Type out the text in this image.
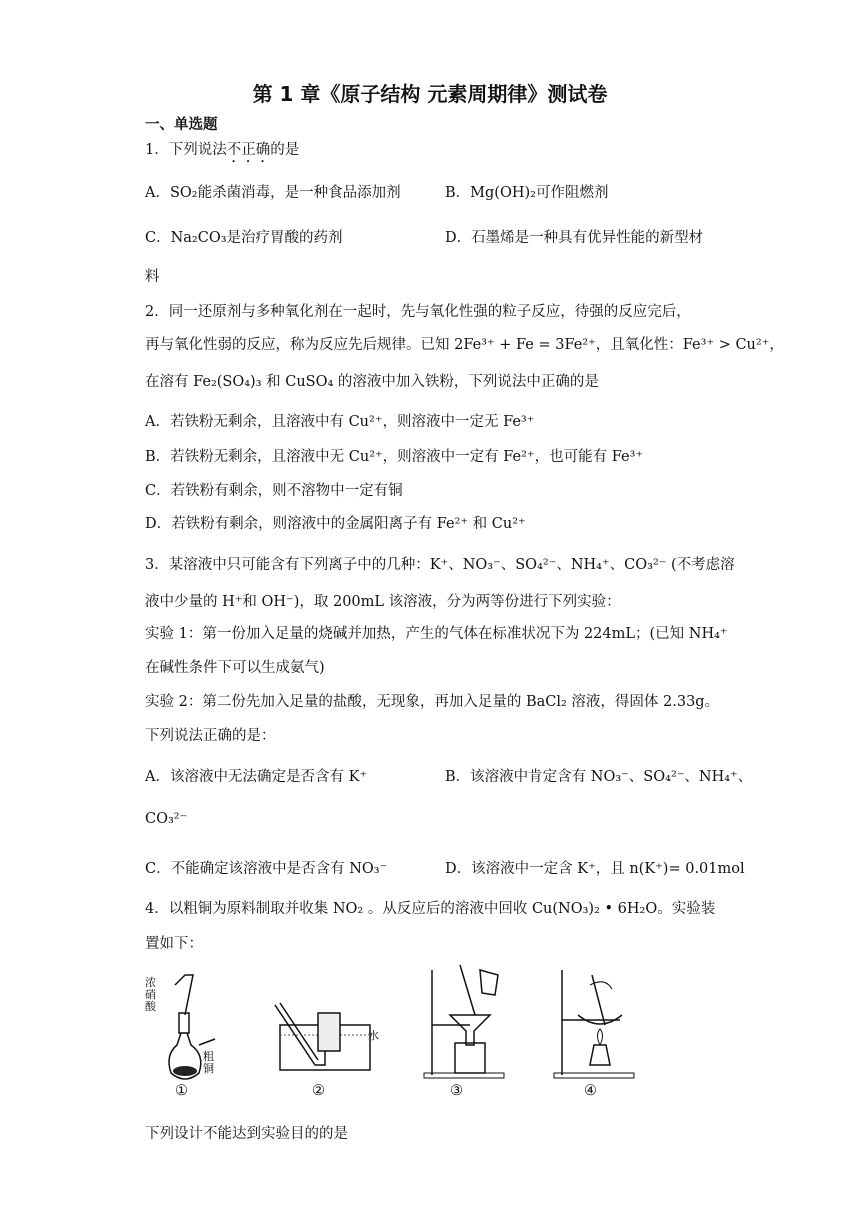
第 1 章《原子结构 元素周期律》测试卷
一、单选题
1．下列说法不正确的是
A．SO₂能杀菌消毒，是一种食品添加剂	B．Mg(OH)₂可作阻燃剂
C．Na₂CO₃是治疗胃酸的药剂	D．石墨烯是一种具有优异性能的新型材
料
2．同一还原剂与多种氧化剂在一起时，先与氧化性强的粒子反应，待强的反应完后，
再与氧化性弱的反应，称为反应先后规律。已知 2Fe³⁺ + Fe = 3Fe²⁺，且氧化性：Fe³⁺ > Cu²⁺，
在溶有 Fe₂(SO₄)₃ 和 CuSO₄ 的溶液中加入铁粉，下列说法中正确的是
A．若铁粉无剩余，且溶液中有 Cu²⁺，则溶液中一定无 Fe³⁺
B．若铁粉无剩余，且溶液中无 Cu²⁺，则溶液中一定有 Fe²⁺，也可能有 Fe³⁺
C．若铁粉有剩余，则不溶物中一定有铜
D．若铁粉有剩余，则溶液中的金属阳离子有 Fe²⁺ 和 Cu²⁺
3．某溶液中只可能含有下列离子中的几种：K⁺、NO₃⁻、SO₄²⁻、NH₄⁺、CO₃²⁻ (不考虑溶
液中少量的 H⁺和 OH⁻)，取 200mL 该溶液，分为两等份进行下列实验：
实验 1：第一份加入足量的烧碱并加热，产生的气体在标准状况下为 224mL；(已知 NH₄⁺
在碱性条件下可以生成氨气)
实验 2：第二份先加入足量的盐酸，无现象，再加入足量的 BaCl₂ 溶液，得固体 2.33g。
下列说法正确的是：
A．该溶液中无法确定是否含有 K⁺	B．该溶液中肯定含有 NO₃⁻、SO₄²⁻、NH₄⁺、
CO₃²⁻
C．不能确定该溶液中是否含有 NO₃⁻	D．该溶液中一定含 K⁺，且 n(K⁺)= 0.01mol
4．以粗铜为原料制取并收集 NO₂ 。从反应后的溶液中回收 Cu(NO₃)₂ • 6H₂O。实验装
置如下：
浓硝酸
粗铜
①
水
②	③	④
下列设计不能达到实验目的的是
